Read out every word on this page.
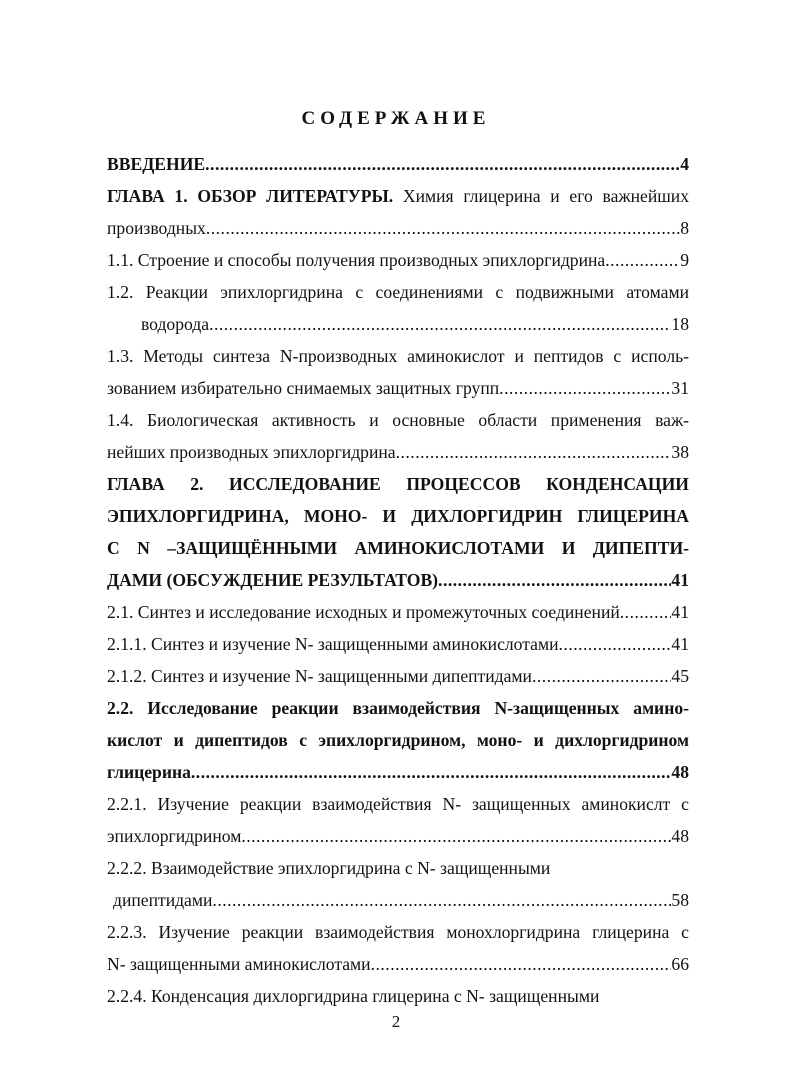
СОДЕРЖАНИЕ
ВВЕДЕНИЕ .....	4
ГЛАВА 1. ОБЗОР ЛИТЕРАТУРЫ. Химия глицерина и его важнейших
производных .....	8
1.1. Строение и способы получения производных эпихлоргидрина .....	9
1.2. Реакции эпихлоргидрина с соединениями с подвижными атомами
водорода .....	18
1.3. Методы синтеза N-производных аминокислот и пептидов с исполь-
зованием избирательно снимаемых защитных групп .....	31
1.4. Биологическая активность и основные области применения важ-
нейших производных эпихлоргидрина .....	38
ГЛАВА 2. ИССЛЕДОВАНИЕ ПРОЦЕССОВ КОНДЕНСАЦИИ
ЭПИХЛОРГИДРИНА, МОНО- И ДИХЛОРГИДРИН ГЛИЦЕРИНА
С N –ЗАЩИЩЁННЫМИ АМИНОКИСЛОТАМИ И ДИПЕПТИ-
ДАМИ (ОБСУЖДЕНИЕ РЕЗУЛЬТАТОВ) .....	41
2.1. Синтез и исследование исходных и промежуточных соединений .....	41
2.1.1. Синтез и изучение N- защищенными аминокислотами .....	41
2.1.2. Синтез и изучение N- защищенными дипептидами .....	45
2.2. Исследование реакции взаимодействия N-защищенных амино-
кислот и дипептидов с эпихлоргидрином, моно- и дихлоргидрином
глицерина .....	48
2.2.1. Изучение реакции взаимодействия N- защищенных аминокислт с
эпихлоргидрином .....	48
2.2.2. Взаимодействие эпихлоргидрина с N- защищенными
дипептидами .....	58
2.2.3. Изучение реакции взаимодействия монохлоргидрина глицерина с
N- защищенными аминокислотами .....	66
2.2.4. Конденсация дихлоргидрина глицерина с N- защищенными
2
